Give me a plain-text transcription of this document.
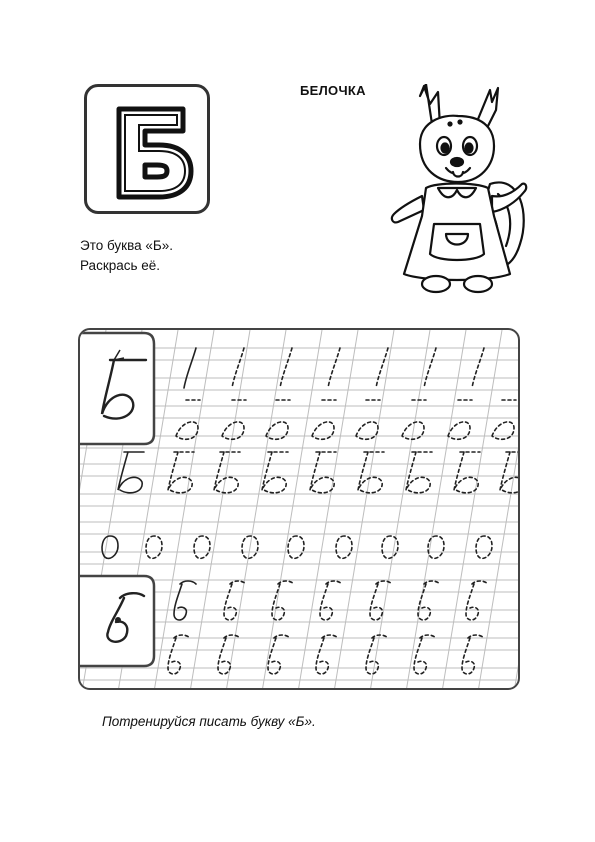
БЕЛОЧКА
Это буква «Б».
Раскрась её.
Потренируйся писать букву «Б».
